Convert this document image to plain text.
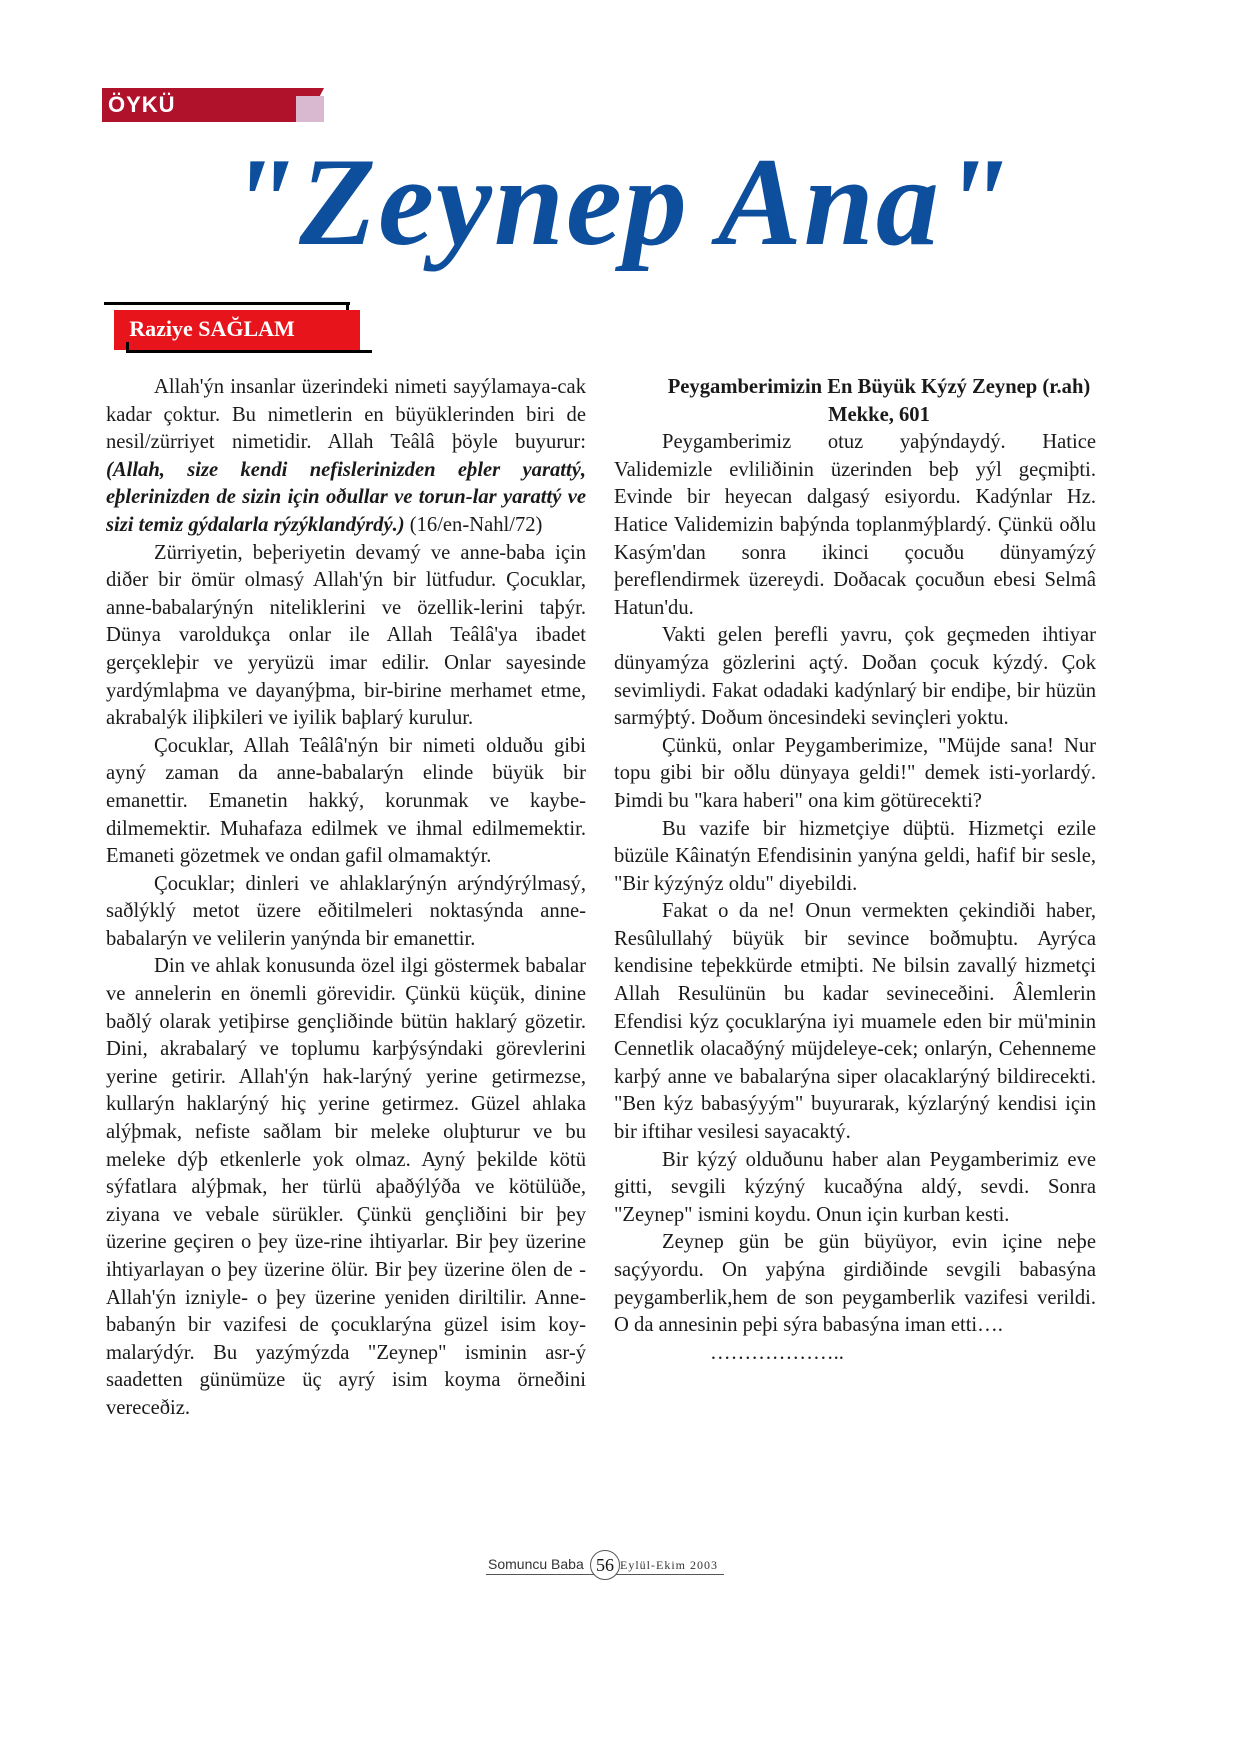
ÖYKÜ
"Zeynep Ana"
Raziye SAĞLAM

Allah'ýn insanlar üzerindeki nimeti sayýlamaya-cak kadar çoktur. Bu nimetlerin en büyüklerinden biri de nesil/zürriyet nimetidir. Allah Teâlâ þöyle buyurur: (Allah, size kendi nefislerinizden eþler yarattý, eþlerinizden de sizin için oðullar ve torun-lar yarattý ve sizi temiz gýdalarla rýzýklandýrdý.) (16/en-Nahl/72)

Zürriyetin, beþeriyetin devamý ve anne-baba için diðer bir ömür olmasý Allah'ýn bir lütfudur. Çocuklar, anne-babalarýnýn niteliklerini ve özellik-lerini taþýr. Dünya varoldukça onlar ile Allah Teâlâ'ya ibadet gerçekleþir ve yeryüzü imar edilir. Onlar sayesinde yardýmlaþma ve dayanýþma, bir-birine merhamet etme, akrabalýk iliþkileri ve iyilik baþlarý kurulur.

Çocuklar, Allah Teâlâ'nýn bir nimeti olduðu gibi ayný zaman da anne-babalarýn elinde büyük bir emanettir. Emanetin hakký, korunmak ve kaybe-dilmemektir. Muhafaza edilmek ve ihmal edilmemektir. Emaneti gözetmek ve ondan gafil olmamaktýr.

Çocuklar; dinleri ve ahlaklarýnýn arýndýrýlmasý, saðlýklý metot üzere eðitilmeleri noktasýnda anne-babalarýn ve velilerin yanýnda bir emanettir.

Din ve ahlak konusunda özel ilgi göstermek babalar ve annelerin en önemli görevidir. Çünkü küçük, dinine baðlý olarak yetiþirse gençliðinde bütün haklarý gözetir. Dini, akrabalarý ve toplumu karþýsýndaki görevlerini yerine getirir. Allah'ýn hak-larýný yerine getirmezse, kullarýn haklarýný hiç yerine getirmez. Güzel ahlaka alýþmak, nefiste saðlam bir meleke oluþturur ve bu meleke dýþ etkenlerle yok olmaz. Ayný þekilde kötü sýfatlara alýþmak, her türlü aþaðýlýða ve kötülüðe, ziyana ve vebale sürükler. Çünkü gençliðini bir þey üzerine geçiren o þey üze-rine ihtiyarlar. Bir þey üzerine ihtiyarlayan o þey üzerine ölür. Bir þey üzerine ölen de -Allah'ýn izniyle- o þey üzerine yeniden diriltilir. Anne-babanýn bir vazifesi de çocuklarýna güzel isim koy-malarýdýr. Bu yazýmýzda "Zeynep" isminin asr-ý saadetten günümüze üç ayrý isim koyma örneðini vereceðiz.

Peygamberimizin En Büyük Kýzý Zeynep (r.ah)

Mekke, 601

Peygamberimiz otuz yaþýndaydý. Hatice Validemizle evliliðinin üzerinden beþ yýl geçmiþti. Evinde bir heyecan dalgasý esiyordu. Kadýnlar Hz. Hatice Validemizin baþýnda toplanmýþlardý. Çünkü oðlu Kasým'dan sonra ikinci çocuðu dünyamýzý þereflendirmek üzereydi. Doðacak çocuðun ebesi Selmâ Hatun'du.

Vakti gelen þerefli yavru, çok geçmeden ihtiyar dünyamýza gözlerini açtý. Doðan çocuk kýzdý. Çok sevimliydi. Fakat odadaki kadýnlarý bir endiþe, bir hüzün sarmýþtý. Doðum öncesindeki sevinçleri yoktu.

Çünkü, onlar Peygamberimize, "Müjde sana! Nur topu gibi bir oðlu dünyaya geldi!" demek isti-yorlardý. Þimdi bu "kara haberi" ona kim götürecekti?

Bu vazife bir hizmetçiye düþtü. Hizmetçi ezile büzüle Kâinatýn Efendisinin yanýna geldi, hafif bir sesle, "Bir kýzýnýz oldu" diyebildi.

Fakat o da ne! Onun vermekten çekindiði haber, Resûlullahý büyük bir sevince boðmuþtu. Ayrýca kendisine teþekkürde etmiþti. Ne bilsin zavallý hizmetçi Allah Resulünün bu kadar sevineceðini. Âlemlerin Efendisi kýz çocuklarýna iyi muamele eden bir mü'minin Cennetlik olacaðýný müjdeleye-cek; onlarýn, Cehenneme karþý anne ve babalarýna siper olacaklarýný bildirecekti. "Ben kýz babasýyým" buyurarak, kýzlarýný kendisi için bir iftihar vesilesi sayacaktý.

Bir kýzý olduðunu haber alan Peygamberimiz eve gitti, sevgili kýzýný kucaðýna aldý, sevdi. Sonra "Zeynep" ismini koydu. Onun için kurban kesti.

Zeynep gün be gün büyüyor, evin içine neþe saçýyordu. On yaþýna girdiðinde sevgili babasýna peygamberlik,hem de son peygamberlik vazifesi verildi. O da annesinin peþi sýra babasýna iman etti….

………………..

Somuncu Baba 56 Eylül-Ekim 2003
